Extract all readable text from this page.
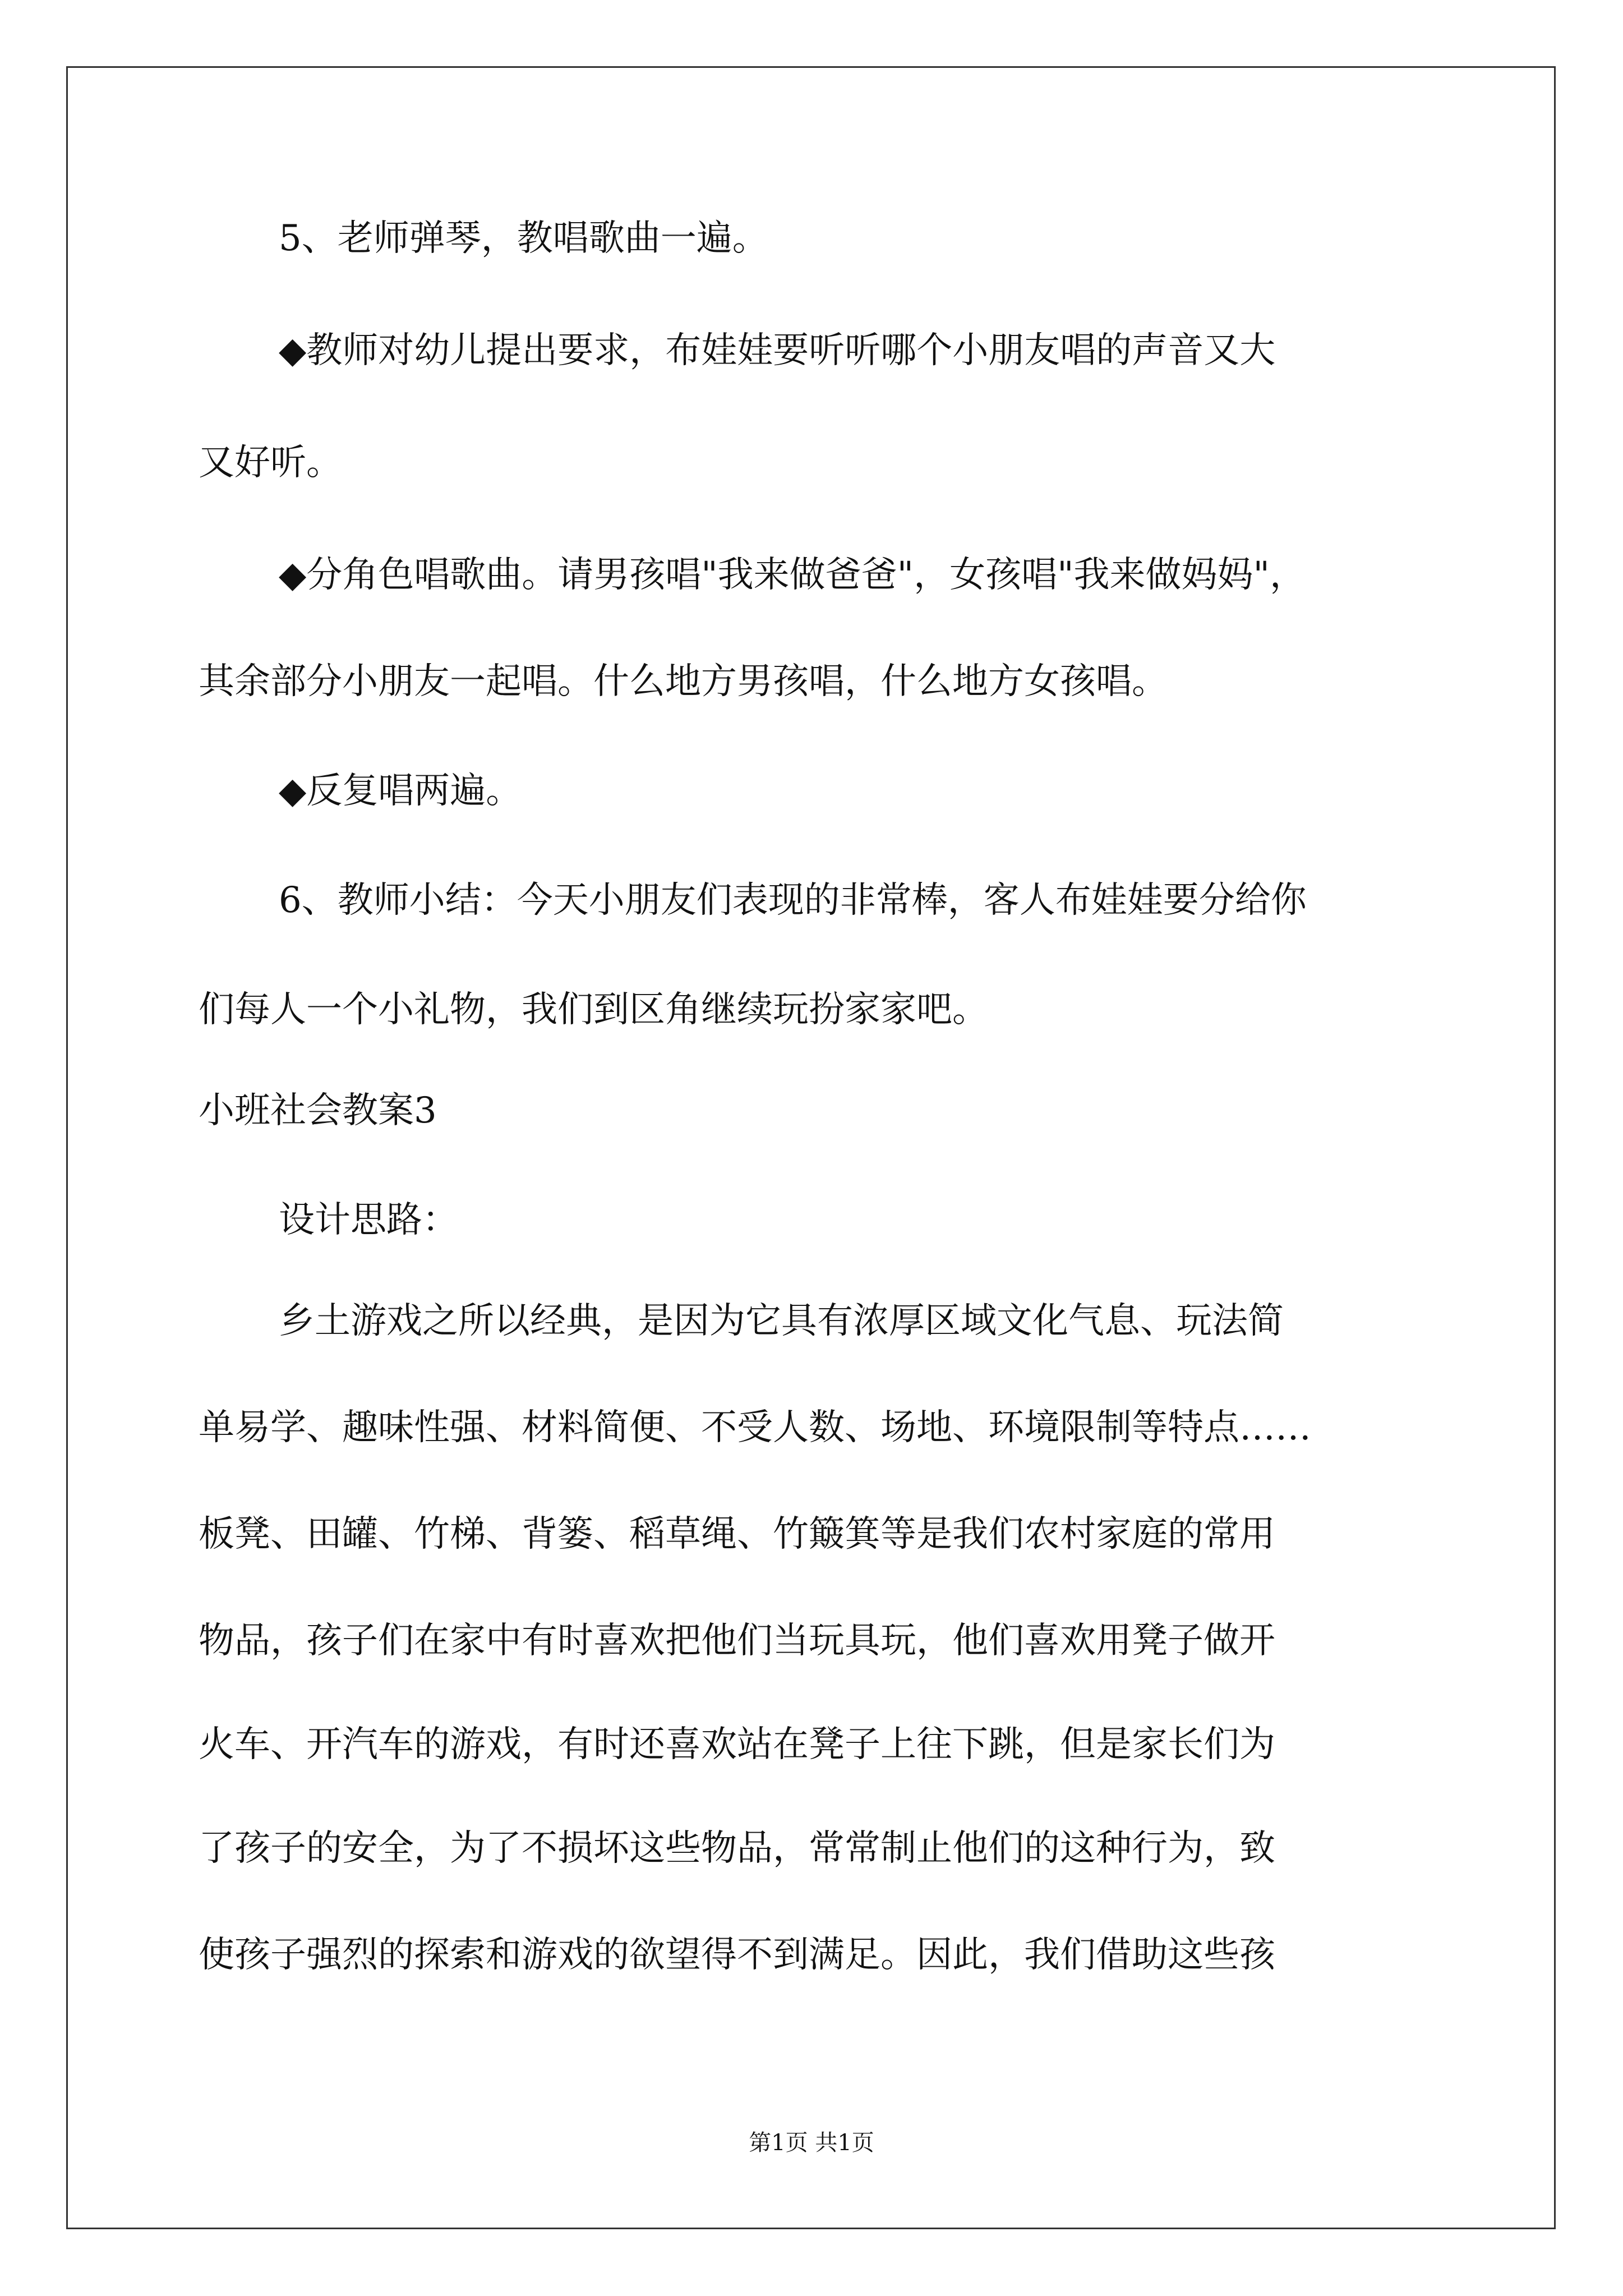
5、老师弹琴，教唱歌曲一遍。
◆教师对幼儿提出要求，布娃娃要听听哪个小朋友唱的声音又大
又好听。
◆分角色唱歌曲。请男孩唱"我来做爸爸"，女孩唱"我来做妈妈"，
其余部分小朋友一起唱。什么地方男孩唱，什么地方女孩唱。
◆反复唱两遍。
6、教师小结：今天小朋友们表现的非常棒，客人布娃娃要分给你
们每人一个小礼物，我们到区角继续玩扮家家吧。
小班社会教案3
设计思路：
乡土游戏之所以经典，是因为它具有浓厚区域文化气息、玩法简
单易学、趣味性强、材料简便、不受人数、场地、环境限制等特点……
板凳、田罐、竹梯、背篓、稻草绳、竹簸箕等是我们农村家庭的常用
物品，孩子们在家中有时喜欢把他们当玩具玩，他们喜欢用凳子做开
火车、开汽车的游戏，有时还喜欢站在凳子上往下跳，但是家长们为
了孩子的安全，为了不损坏这些物品，常常制止他们的这种行为，致
使孩子强烈的探索和游戏的欲望得不到满足。因此，我们借助这些孩
第1页 共1页
